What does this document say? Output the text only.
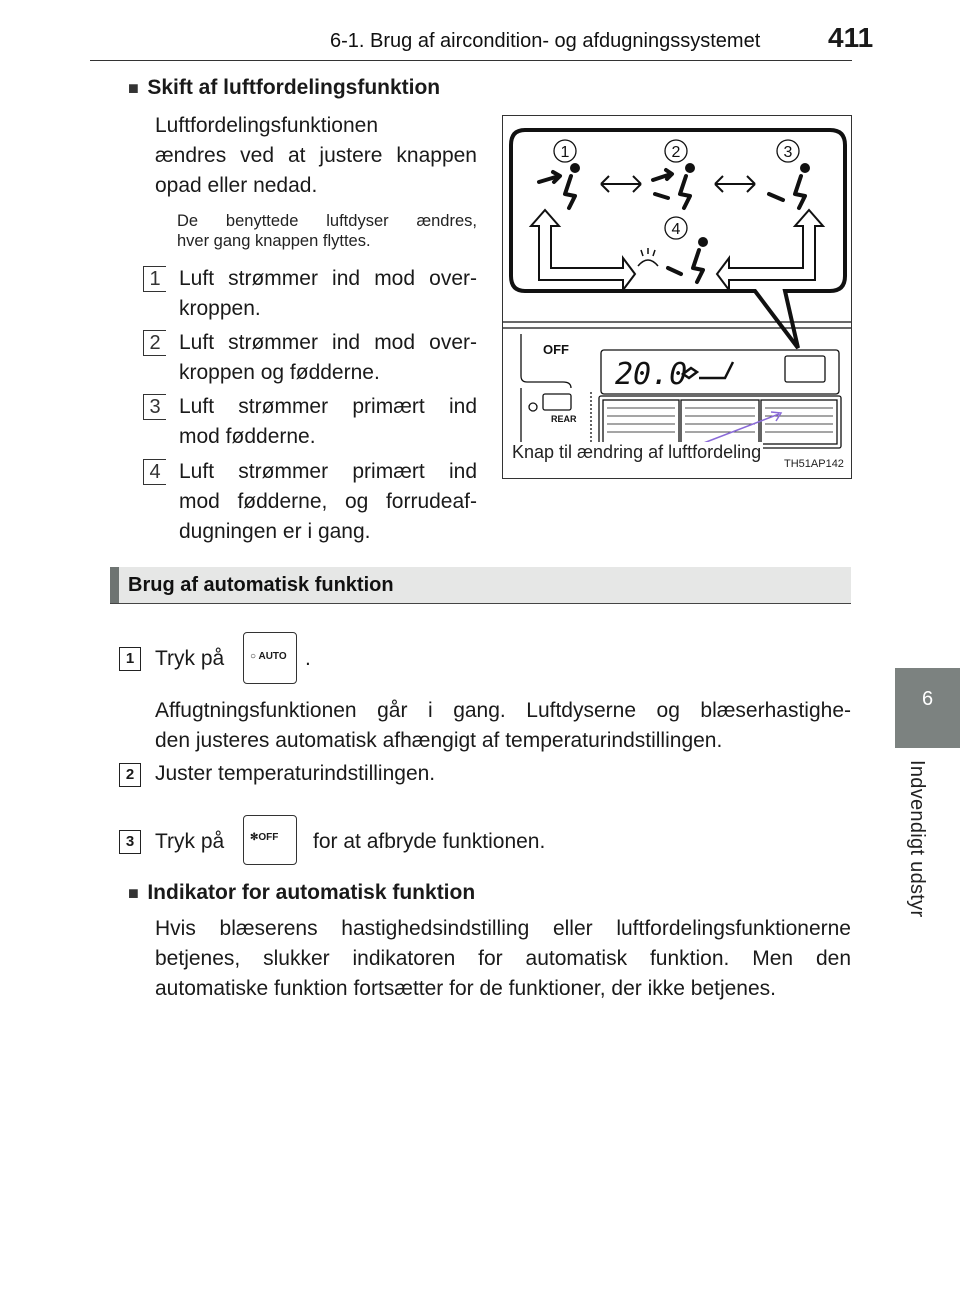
6-1. Brug af aircondition- og afdugningssystemet 411
6
Indvendigt udstyr
■ Skift af luftfordelingsfunktion
Luftfordelingsfunktionen
ændres ved at justere knappen
opad eller nedad.
De benyttede luftdyser ændres,
hver gang knappen flyttes.
1 Luft strømmer ind mod over-
kroppen.
2 Luft strømmer ind mod over-
kroppen og fødderne.
3 Luft strømmer primært ind
mod fødderne.
4 Luft strømmer primært ind
mod fødderne, og forrudeaf-
dugningen er i gang.
1	2	3
4
OFF
REAR
20.0
Knap til ændring af luftfordeling
TH51AP142
Brug af automatisk funktion
1 Tryk på	○ AUTO .
Affugtningsfunktionen går i gang. Luftdyserne og blæserhastighe-
den justeres automatisk afhængigt af temperaturindstillingen.
2 Juster temperaturindstillingen.
3 Tryk på	✻OFF for at afbryde funktionen.
■ Indikator for automatisk funktion
Hvis blæserens hastighedsindstilling eller luftfordelingsfunktionerne
betjenes, slukker indikatoren for automatisk funktion. Men den
automatiske funktion fortsætter for de funktioner, der ikke betjenes.
